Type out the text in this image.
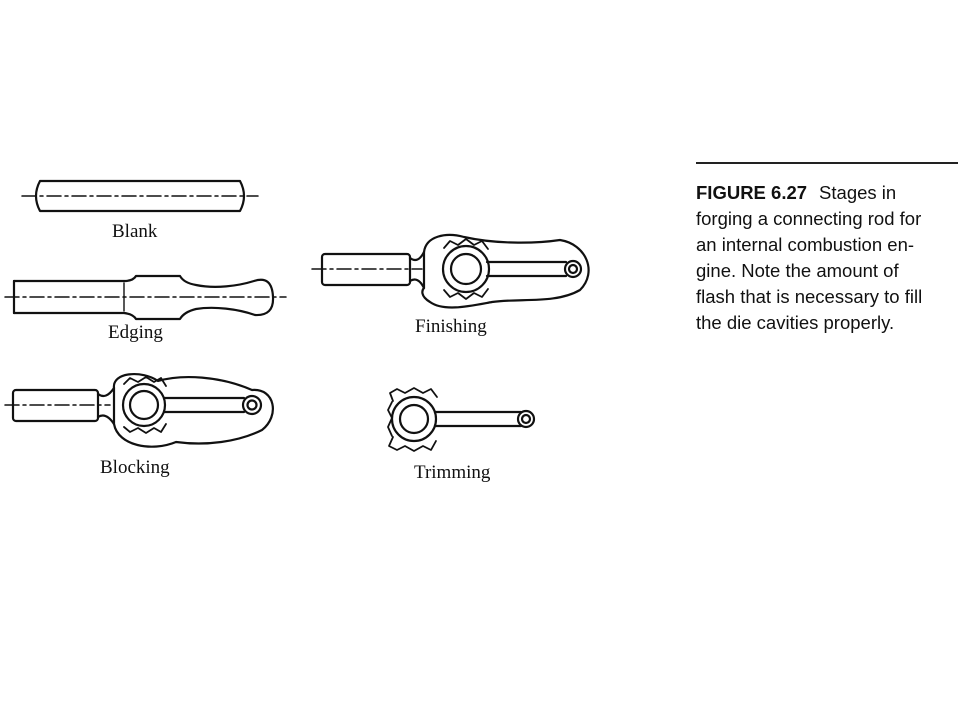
Blank
Edging
Blocking
Finishing
Trimming
FIGURE 6.27 Stages in
forging a connecting rod for
an internal combustion en-
gine. Note the amount of
flash that is necessary to fill
the die cavities properly.
